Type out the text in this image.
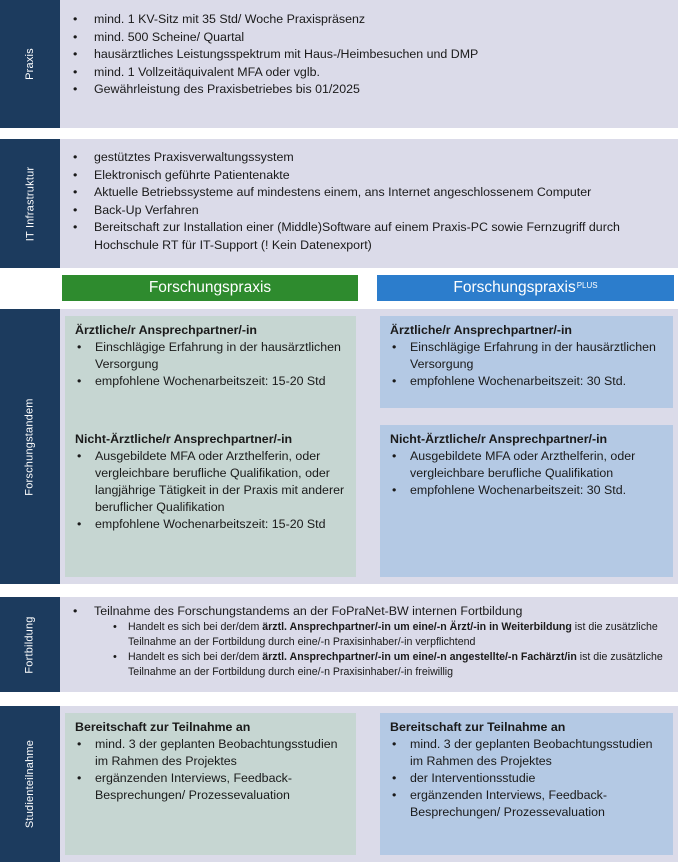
Praxis
• mind. 1 KV-Sitz mit 35 Std/ Woche Praxispräsenz
• mind. 500 Scheine/ Quartal
• hausärztliches Leistungsspektrum mit Haus-/Heimbesuchen und DMP
• mind. 1 Vollzeitäquivalent MFA oder vglb.
• Gewährleistung des Praxisbetriebes bis 01/2025
IT Infrastruktur
• gestütztes Praxisverwaltungssystem
• Elektronisch geführte Patientenakte
• Aktuelle Betriebssysteme auf mindestens einem, ans Internet angeschlossenem Computer
• Back-Up Verfahren
• Bereitschaft zur Installation einer (Middle)Software auf einem Praxis-PC sowie Fernzugriff durch Hochschule RT für IT-Support (! Kein Datenexport)
Forschungspraxis	Forschungspraxis$^{PLUS}$
Forschungstandem
Ärztliche/r Ansprechpartner/-in
• Einschlägige Erfahrung in der hausärztlichen Versorgung
• empfohlene Wochenarbeitszeit: 15-20 Std
Nicht-Ärztliche/r Ansprechpartner/-in
• Ausgebildete MFA oder Arzthelferin, oder vergleichbare berufliche Qualifikation, oder langjährige Tätigkeit in der Praxis mit anderer beruflicher Qualifikation
• empfohlene Wochenarbeitszeit: 15-20 Std
Ärztliche/r Ansprechpartner/-in
• Einschlägige Erfahrung in der hausärztlichen Versorgung
• empfohlene Wochenarbeitszeit: 30 Std.
Nicht-Ärztliche/r Ansprechpartner/-in
• Ausgebildete MFA oder Arzthelferin, oder vergleichbare berufliche Qualifikation
• empfohlene Wochenarbeitszeit: 30 Std.
Fortbildung
• Teilnahme des Forschungstandems an der FoPraNet-BW internen Fortbildung
• Handelt es sich bei der/dem ärztl. Ansprechpartner/-in um eine/-n Ärzt/-in in Weiterbildung ist die zusätzliche Teilnahme an der Fortbildung durch eine/-n Praxisinhaber/-in verpflichtend
• Handelt es sich bei der/dem ärztl. Ansprechpartner/-in um eine/-n angestellte/-n Fachärzt/in ist die zusätzliche Teilnahme an der Fortbildung durch eine/-n Praxisinhaber/-in freiwillig
Studienteilnahme
Bereitschaft zur Teilnahme an
• mind. 3 der geplanten Beobachtungsstudien im Rahmen des Projektes
• ergänzenden Interviews, Feedback-Besprechungen/ Prozessevaluation
Bereitschaft zur Teilnahme an
• mind. 3 der geplanten Beobachtungsstudien im Rahmen des Projektes
• der Interventionsstudie
• ergänzenden Interviews, Feedback-Besprechungen/ Prozessevaluation
